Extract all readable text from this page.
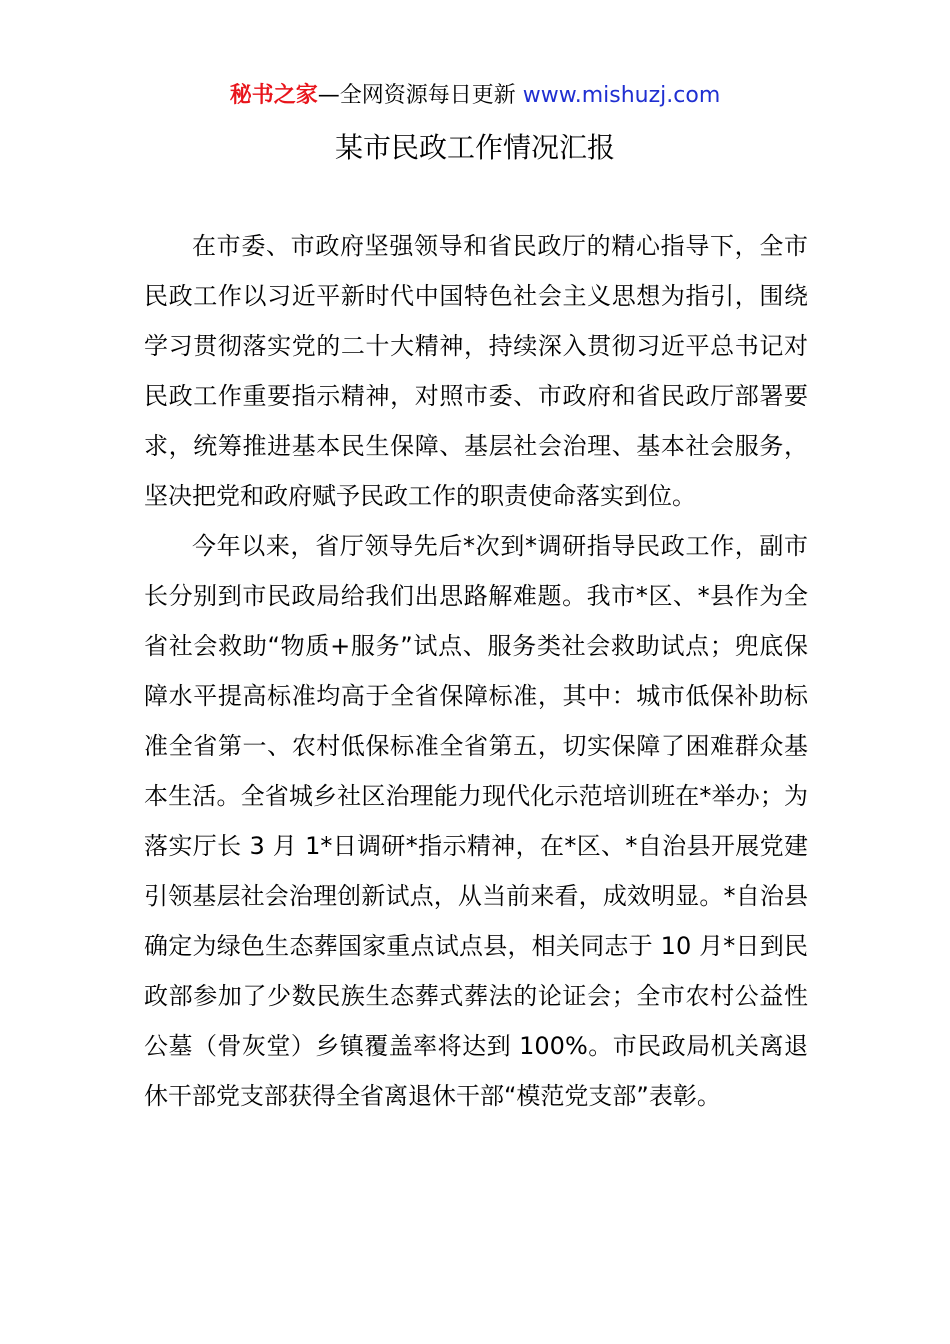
秘书之家—全网资源每日更新 www.mishuzj.com
某市民政工作情况汇报

在市委、市政府坚强领导和省民政厅的精心指导下，全市民政工作以习近平新时代中国特色社会主义思想为指引，围绕学习贯彻落实党的二十大精神，持续深入贯彻习近平总书记对民政工作重要指示精神，对照市委、市政府和省民政厅部署要求，统筹推进基本民生保障、基层社会治理、基本社会服务，坚决把党和政府赋予民政工作的职责使命落实到位。

今年以来，省厅领导先后*次到*调研指导民政工作，副市长分别到市民政局给我们出思路解难题。我市*区、*县作为全省社会救助“物质+服务”试点、服务类社会救助试点；兜底保障水平提高标准均高于全省保障标准，其中：城市低保补助标准全省第一、农村低保标准全省第五，切实保障了困难群众基本生活。全省城乡社区治理能力现代化示范培训班在*举办；为落实厅长 3 月 1*日调研*指示精神，在*区、*自治县开展党建引领基层社会治理创新试点，从当前来看，成效明显。*自治县确定为绿色生态葬国家重点试点县，相关同志于 10 月*日到民政部参加了少数民族生态葬式葬法的论证会；全市农村公益性公墓（骨灰堂）乡镇覆盖率将达到 100%。市民政局机关离退休干部党支部获得全省离退休干部“模范党支部”表彰。
